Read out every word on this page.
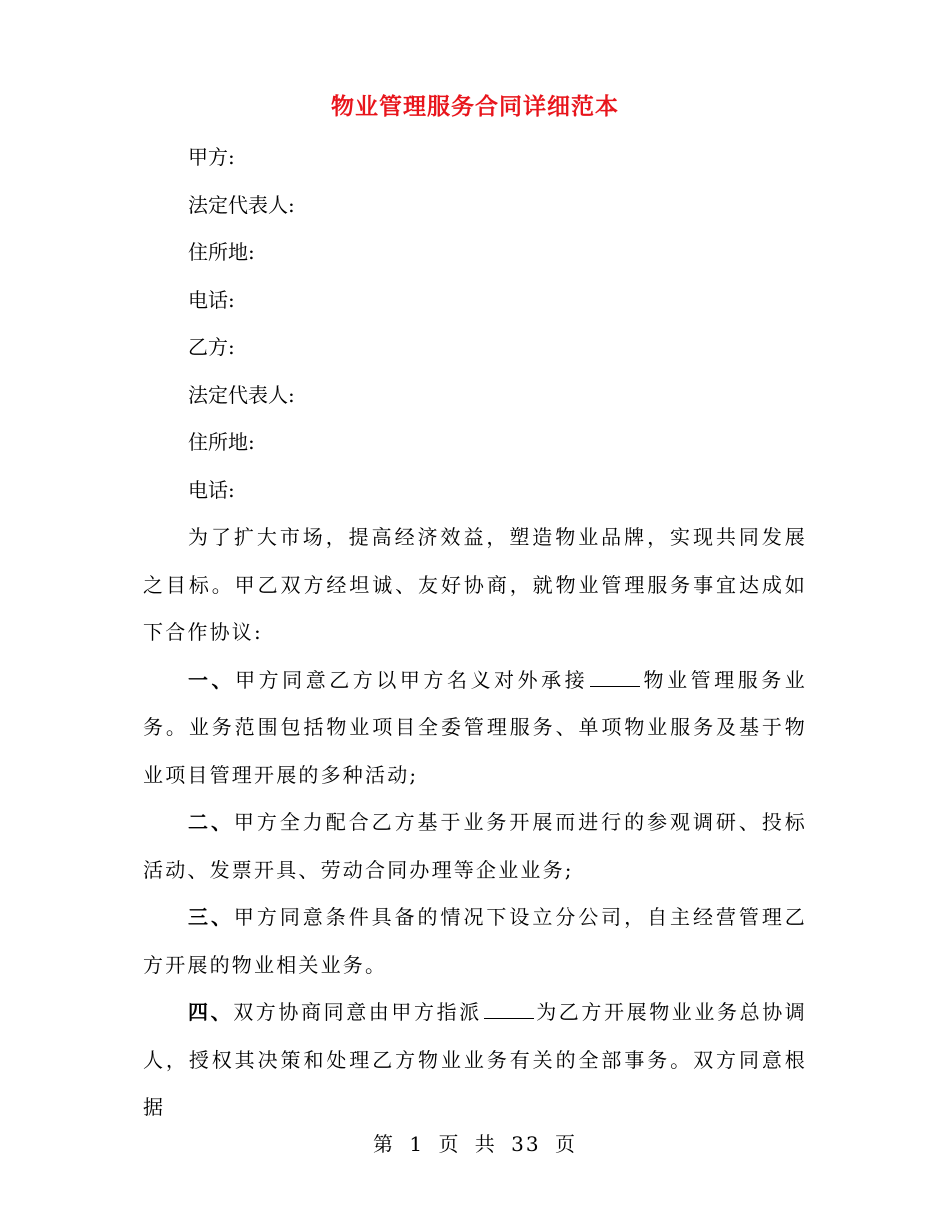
物业管理服务合同详细范本

甲方:

法定代表人:

住所地:

电话:

乙方:

法定代表人:

住所地:

电话:

为了扩大市场，提高经济效益，塑造物业品牌，实现共同发展之目标。甲乙双方经坦诚、友好协商，就物业管理服务事宜达成如下合作协议:

一、甲方同意乙方以甲方名义对外承接	物业管理服务业务。业务范围包括物业项目全委管理服务、单项物业服务及基于物业项目管理开展的多种活动;

二、甲方全力配合乙方基于业务开展而进行的参观调研、投标活动、发票开具、劳动合同办理等企业业务;

三、甲方同意条件具备的情况下设立分公司，自主经营管理乙方开展的物业相关业务。

四、双方协商同意由甲方指派	为乙方开展物业业务总协调人，授权其决策和处理乙方物业业务有关的全部事务。双方同意根据

第 1 页 共 33 页
